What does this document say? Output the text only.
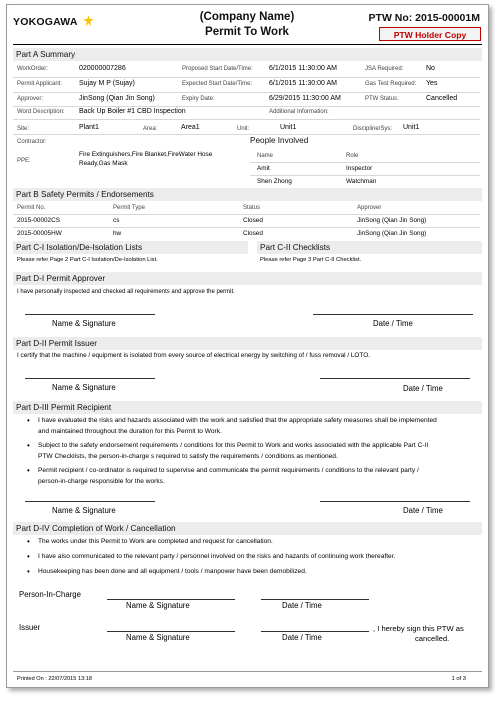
YOKOGAWA	(Company Name)
Permit To Work
PTW No: 2015-00001M
PTW Holder Copy
Part A Summary
WorkOrder:	020000007286	Proposed Start Date/Time: 6/1/2015 11:30:00 AM	JSA Required:	No
Permit Applicant: Sujay M P (Sujay)	Expected Start Date/Time: 6/1/2015 11:30:00 AM	Gas Test Required: Yes
Approver:	JinSong (Qian Jin Song)	Expiry Date:	6/29/2015 11:30:00 AM	PTW Status:	Cancelled
Word Description: Back Up Boiler #1 CBD Inspection	Additional Information:
Site:	Plant1	Area:	Area1	Unit:	Unit1	Discipline/Sys: Unit1
Contractor:
PPE:
Fire Extinguishers,Fire Blanket,FireWater Hose
Ready,Gas Mask
People Involved
Name	Role
Amit	Inspector
Shen Zhong	Watchman
Part B Safety Permits / Endorsements
Permit No.	Permit Type	Status	Approver
2015-00002CS	cs	Closed	JinSong (Qian Jin Song)
2015-00005HW	hw	Closed	JinSong (Qian Jin Song)
Part C-I Isolation/De-Isolation Lists	Part C-II Checklists
Please refer Page 2 Part C-I Isolation/De-Isolation List.	Please refer Page 3 Part C-II Checklist.
Part D-I Permit Approver
I have personally inspected and checked all requirements and approve the permit.
Name & Signature	Date / Time
Part D-II Permit Issuer
I certify that the machine / equipment is isolated from every source of electrical energy by switching of / fuss removal / LOTO.
Name & Signature	Date / Time
Part D-III Permit Recipient
• I have evaluated the risks and hazards associated with the work and satisfied that the appropriate safety measures shall be implemented
and maintained throughout the duration for this Permit to Work.
• Subject to the safety endorsement requirements / conditions for this Permit to Work and works associated with the applicable Part C-II
PTW Checklists, the person-in-charge s required to satisfy the requirements / conditions as mentioned.
• Permit recipient / co-ordinator is required to supervise and communicate the permit requirements / conditions to the relevant party /
person-in-charge responsible for the works.
Name & Signature	Date / Time
Part D-IV Completion of Work / Cancellation
• The works under this Permit to Work are completed and request for cancellation.
• I have also communicated to the relevant party / personnel involved on the risks and hazards of continuing work thereafter.
• Housekeeping has been done and all equipment / tools / manpower have been demobilized.
Person-In-Charge
Name & Signature	Date / Time
Issuer
Name & Signature	Date / Time
, I hereby sign this PTW as
cancelled.
Printed On : 22/07/2015 13:18	1 of 3
